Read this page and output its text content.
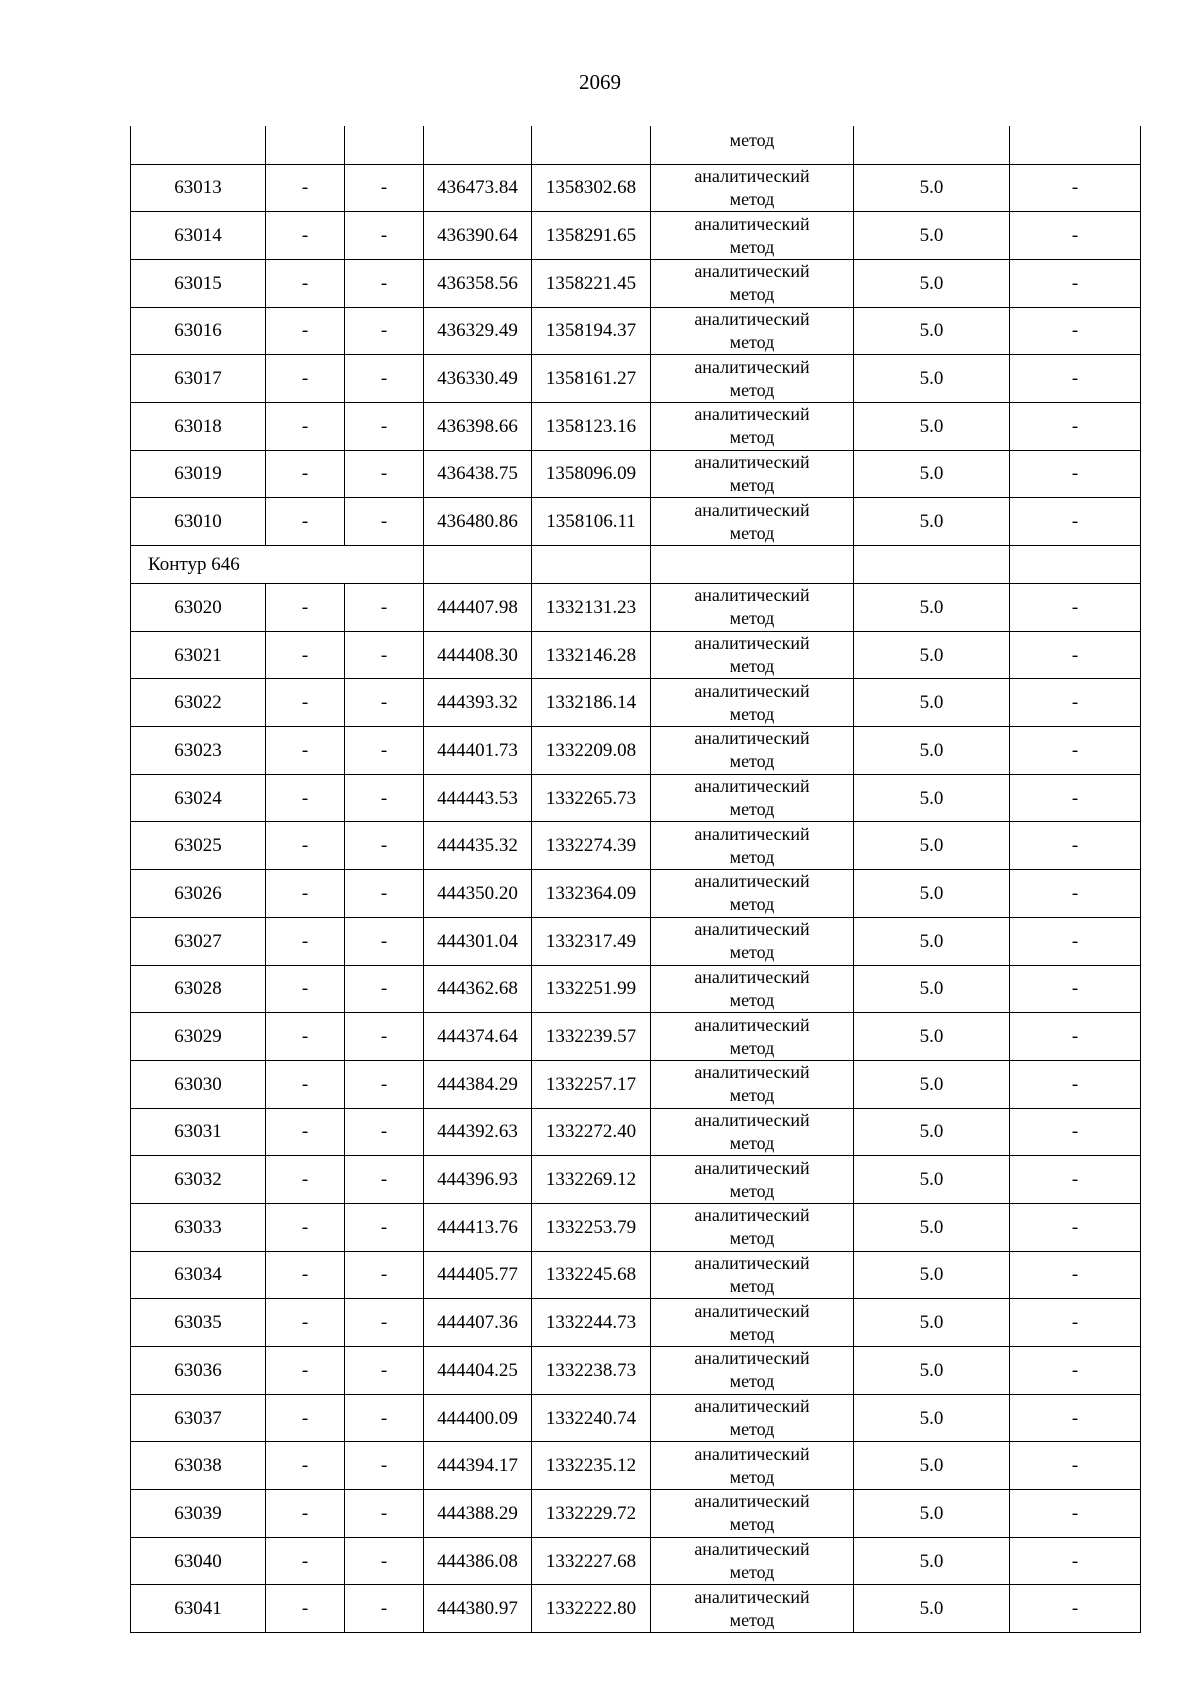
2069
					метод		
63013	-	-	436473.84	1358302.68	аналитический
метод	5.0	-
63014	-	-	436390.64	1358291.65	аналитический
метод	5.0	-
63015	-	-	436358.56	1358221.45	аналитический
метод	5.0	-
63016	-	-	436329.49	1358194.37	аналитический
метод	5.0	-
63017	-	-	436330.49	1358161.27	аналитический
метод	5.0	-
63018	-	-	436398.66	1358123.16	аналитический
метод	5.0	-
63019	-	-	436438.75	1358096.09	аналитический
метод	5.0	-
63010	-	-	436480.86	1358106.11	аналитический
метод	5.0	-
Контур 646							
63020	-	-	444407.98	1332131.23	аналитический
метод	5.0	-
63021	-	-	444408.30	1332146.28	аналитический
метод	5.0	-
63022	-	-	444393.32	1332186.14	аналитический
метод	5.0	-
63023	-	-	444401.73	1332209.08	аналитический
метод	5.0	-
63024	-	-	444443.53	1332265.73	аналитический
метод	5.0	-
63025	-	-	444435.32	1332274.39	аналитический
метод	5.0	-
63026	-	-	444350.20	1332364.09	аналитический
метод	5.0	-
63027	-	-	444301.04	1332317.49	аналитический
метод	5.0	-
63028	-	-	444362.68	1332251.99	аналитический
метод	5.0	-
63029	-	-	444374.64	1332239.57	аналитический
метод	5.0	-
63030	-	-	444384.29	1332257.17	аналитический
метод	5.0	-
63031	-	-	444392.63	1332272.40	аналитический
метод	5.0	-
63032	-	-	444396.93	1332269.12	аналитический
метод	5.0	-
63033	-	-	444413.76	1332253.79	аналитический
метод	5.0	-
63034	-	-	444405.77	1332245.68	аналитический
метод	5.0	-
63035	-	-	444407.36	1332244.73	аналитический
метод	5.0	-
63036	-	-	444404.25	1332238.73	аналитический
метод	5.0	-
63037	-	-	444400.09	1332240.74	аналитический
метод	5.0	-
63038	-	-	444394.17	1332235.12	аналитический
метод	5.0	-
63039	-	-	444388.29	1332229.72	аналитический
метод	5.0	-
63040	-	-	444386.08	1332227.68	аналитический
метод	5.0	-
63041	-	-	444380.97	1332222.80	аналитический
метод	5.0	-
